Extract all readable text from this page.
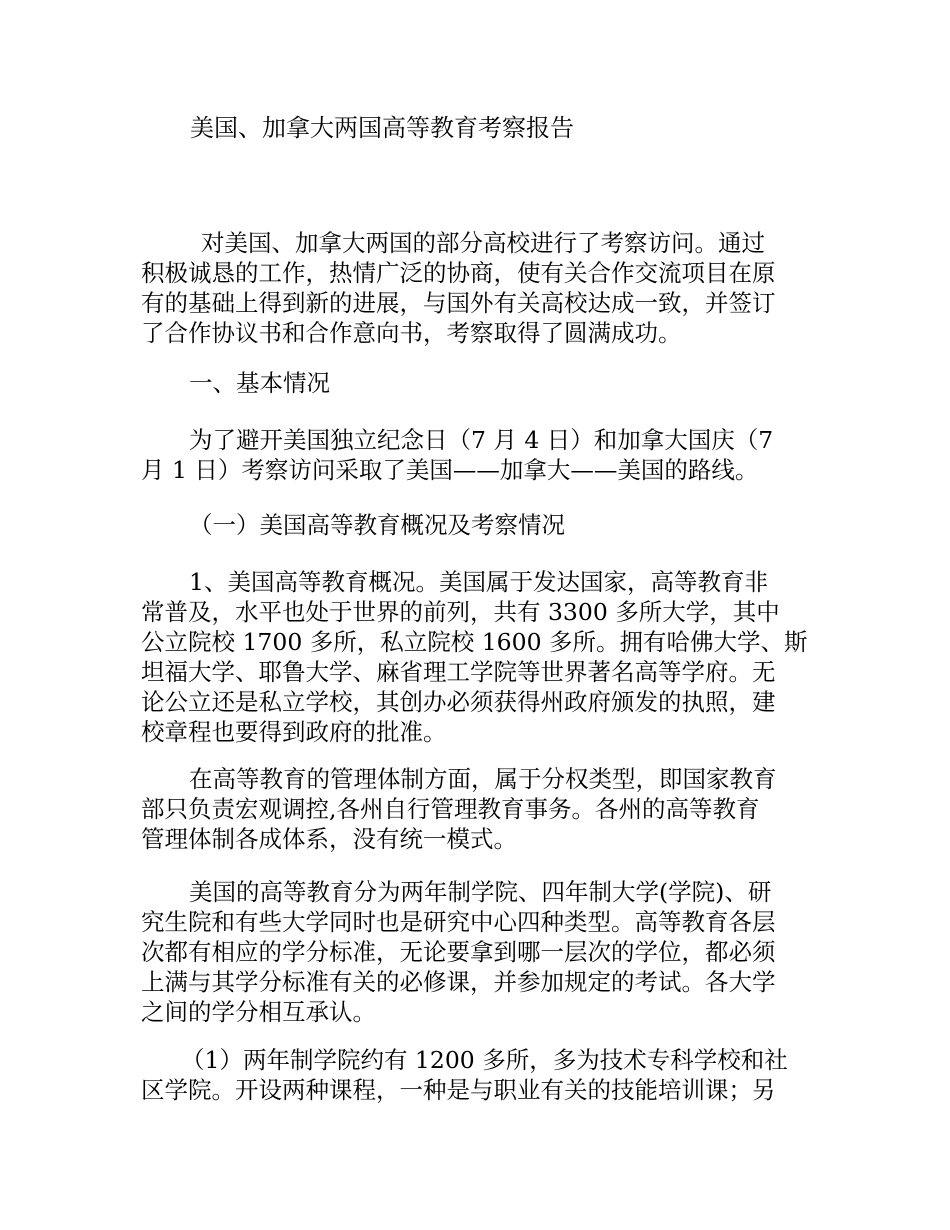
美国、加拿大两国高等教育考察报告
对美国、加拿大两国的部分高校进行了考察访问。通过
积极诚恳的工作，热情广泛的协商，使有关合作交流项目在原
有的基础上得到新的进展，与国外有关高校达成一致，并签订
了合作协议书和合作意向书，考察取得了圆满成功。
一、基本情况
为了避开美国独立纪念日（7 月 4 日）和加拿大国庆（7
月 1 日）考察访问采取了美国——加拿大——美国的路线。
（一）美国高等教育概况及考察情况
1、美国高等教育概况。美国属于发达国家，高等教育非
常普及，水平也处于世界的前列，共有 3300 多所大学，其中
公立院校 1700 多所，私立院校 1600 多所。拥有哈佛大学、斯
坦福大学、耶鲁大学、麻省理工学院等世界著名高等学府。无
论公立还是私立学校，其创办必须获得州政府颁发的执照，建
校章程也要得到政府的批准。
在高等教育的管理体制方面，属于分权类型，即国家教育
部只负责宏观调控,各州自行管理教育事务。各州的高等教育
管理体制各成体系，没有统一模式。
美国的高等教育分为两年制学院、四年制大学(学院)、研
究生院和有些大学同时也是研究中心四种类型。高等教育各层
次都有相应的学分标准，无论要拿到哪一层次的学位，都必须
上满与其学分标准有关的必修课，并参加规定的考试。各大学
之间的学分相互承认。
（1）两年制学院约有 1200 多所，多为技术专科学校和社
区学院。开设两种课程，一种是与职业有关的技能培训课；另
